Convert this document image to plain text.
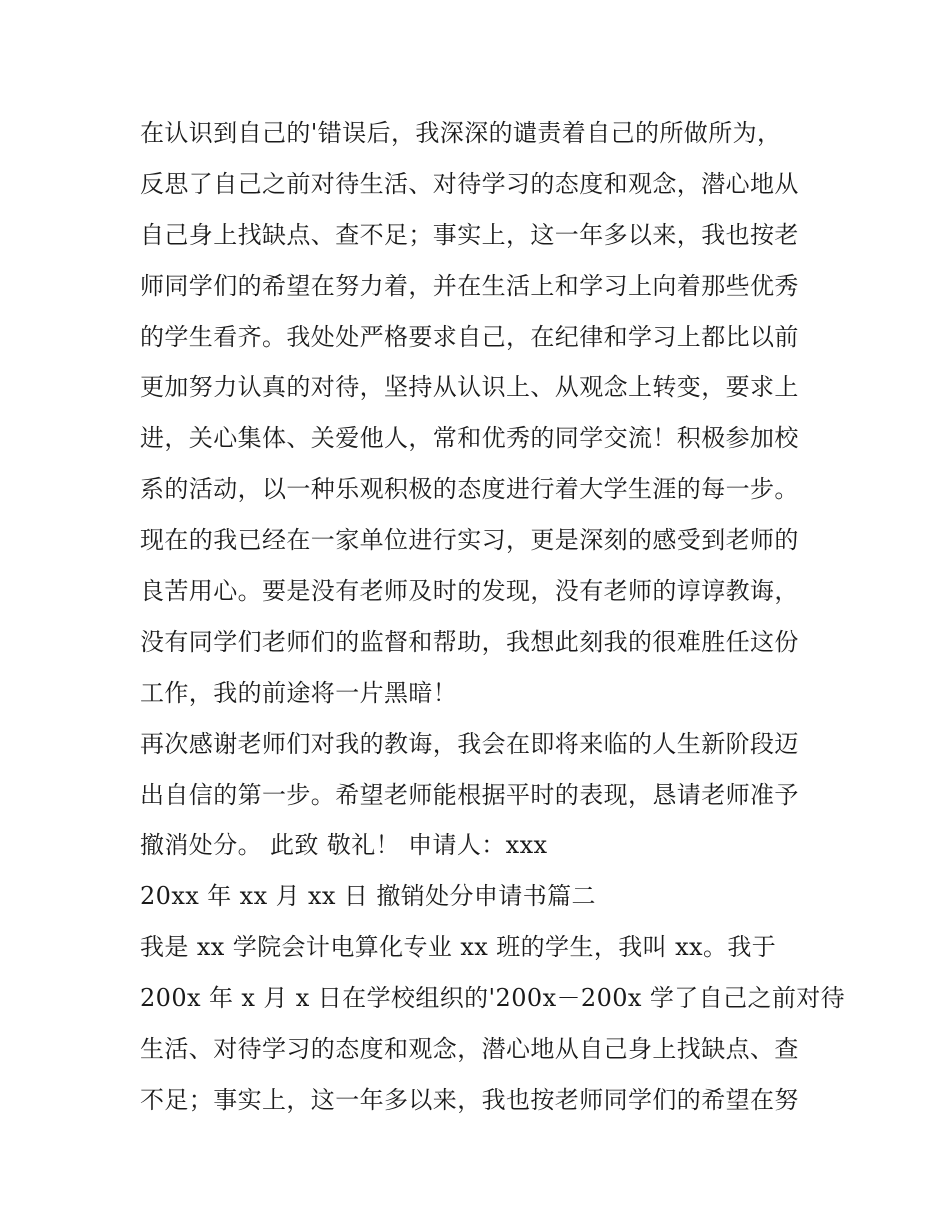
在认识到自己的'错误后，我深深的谴责着自己的所做所为，
反思了自己之前对待生活、对待学习的态度和观念，潜心地从
自己身上找缺点、查不足；事实上，这一年多以来，我也按老
师同学们的希望在努力着，并在生活上和学习上向着那些优秀
的学生看齐。我处处严格要求自己，在纪律和学习上都比以前
更加努力认真的对待，坚持从认识上、从观念上转变，要求上
进，关心集体、关爱他人，常和优秀的同学交流！积极参加校
系的活动，以一种乐观积极的态度进行着大学生涯的每一步。
现在的我已经在一家单位进行实习，更是深刻的感受到老师的
良苦用心。要是没有老师及时的发现，没有老师的谆谆教诲，
没有同学们老师们的监督和帮助，我想此刻我的很难胜任这份
工作，我的前途将一片黑暗！
再次感谢老师们对我的教诲，我会在即将来临的人生新阶段迈
出自信的第一步。希望老师能根据平时的表现，恳请老师准予
撤消处分。 此致 敬礼！ 申请人：xxx
20xx 年 xx 月 xx 日 撤销处分申请书篇二
我是 xx 学院会计电算化专业 xx 班的学生，我叫 xx。我于
200x 年 x 月 x 日在学校组织的'200x－200x 学了自己之前对待
生活、对待学习的态度和观念，潜心地从自己身上找缺点、查
不足；事实上，这一年多以来，我也按老师同学们的希望在努
